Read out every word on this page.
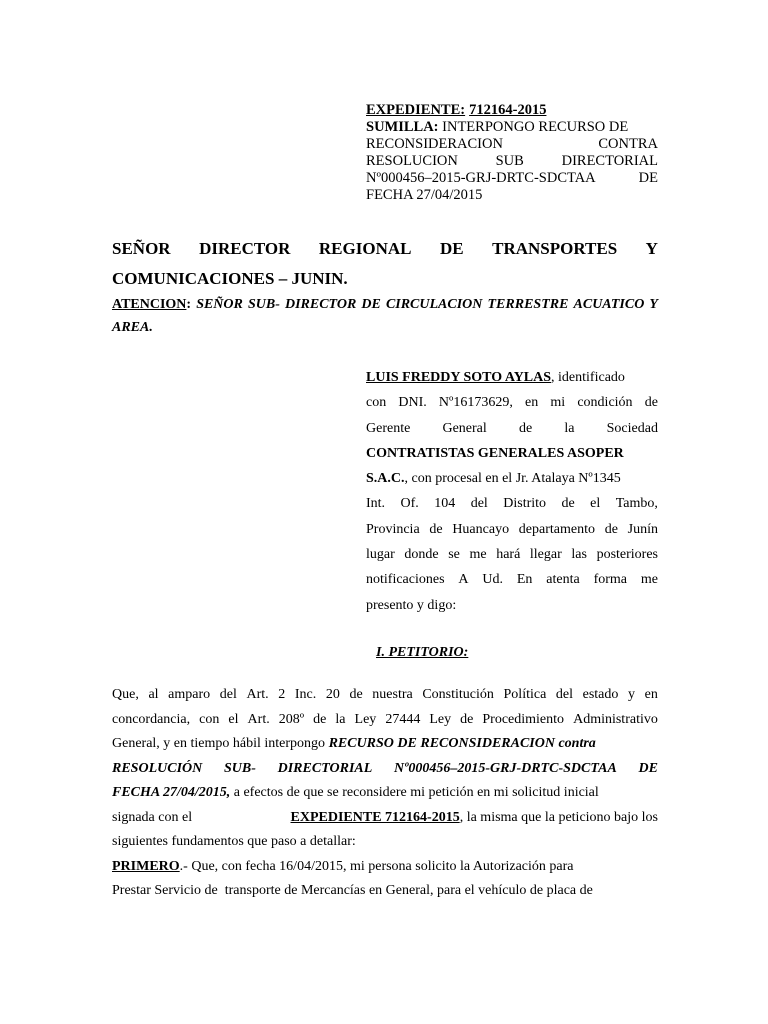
EXPEDIENTE: 712164-2015
SUMILLA: INTERPONGO RECURSO DE
RECONSIDERACION	CONTRA
RESOLUCION	SUB	DIRECTORIAL
Nº000456–2015-GRJ-DRTC-SDCTAA	DE
FECHA 27/04/2015
SEÑOR DIRECTOR REGIONAL DE TRANSPORTES Y
COMUNICACIONES – JUNIN.
ATENCION: SEÑOR SUB- DIRECTOR DE CIRCULACION TERRESTRE ACUATICO Y
AREA.
LUIS FREDDY SOTO AYLAS, identificado
con DNI. Nº16173629, en mi condición de
Gerente General de la Sociedad
CONTRATISTAS GENERALES ASOPER
S.A.C. , con procesal en el Jr. Atalaya Nº1345
Int. Of. 104 del Distrito de el Tambo,
Provincia de Huancayo departamento de Junín
lugar donde se me hará llegar las posteriores
notificaciones A Ud. En atenta forma me
presento y digo:
I. PETITORIO:
Que, al amparo del Art. 2 Inc. 20 de nuestra Constitución Política del estado y en
concordancia, con el Art. 208º de la Ley 27444 Ley de Procedimiento Administrativo
General, y en tiempo hábil interpongo RECURSO DE RECONSIDERACION contra
RESOLUCIÓN SUB- DIRECTORIAL Nº000456–2015-GRJ-DRTC-SDCTAA DE
FECHA 27/04/2015, a efectos de que se reconsidere mi petición en mi solicitud inicial
signada con el	EXPEDIENTE 712164-2015, la misma que la peticiono bajo los
siguientes fundamentos que paso a detallar:
PRIMERO .- Que, con fecha 16/04/2015, mi persona solicito la Autorización para
Prestar Servicio de  transporte de Mercancías en General, para el vehículo de placa de
